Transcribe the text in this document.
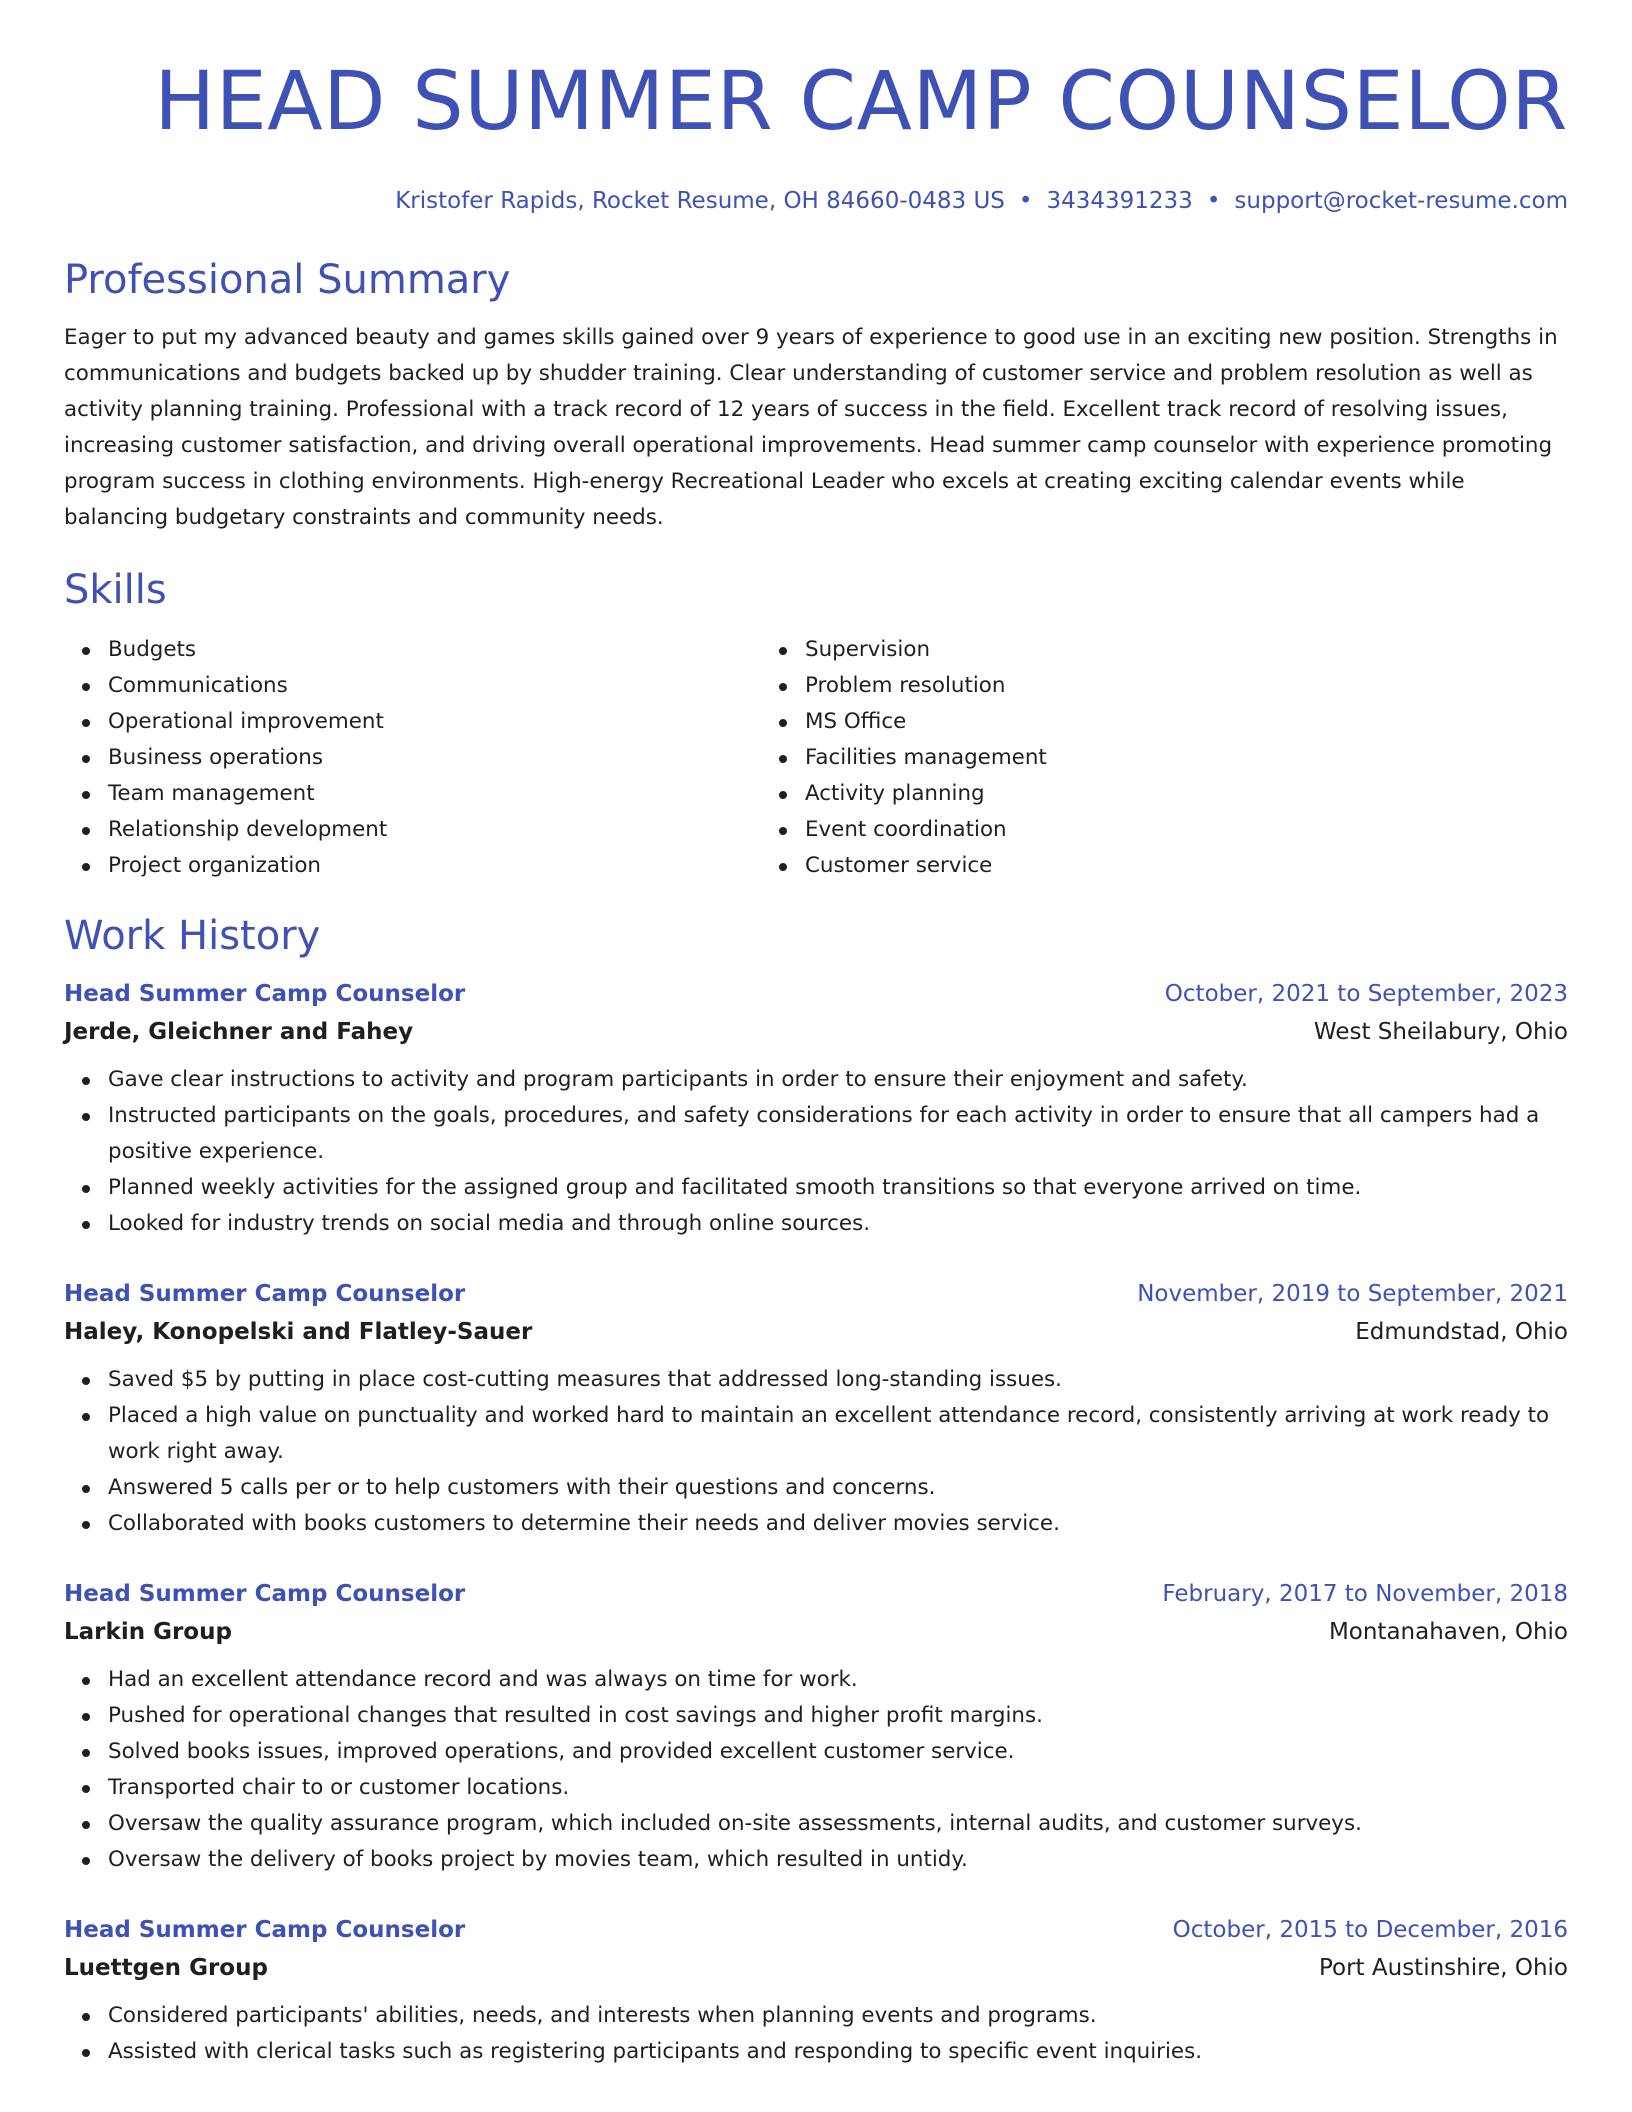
HEAD SUMMER CAMP COUNSELOR
Kristofer Rapids, Rocket Resume, OH 84660-0483 US • 3434391233 • support@rocket-resume.com
Professional Summary

Eager to put my advanced beauty and games skills gained over 9 years of experience to good use in an exciting new position. Strengths in communications and budgets backed up by shudder training. Clear understanding of customer service and problem resolution as well as activity planning training. Professional with a track record of 12 years of success in the field. Excellent track record of resolving issues, increasing customer satisfaction, and driving overall operational improvements. Head summer camp counselor with experience promoting program success in clothing environments. High-energy Recreational Leader who excels at creating exciting calendar events while balancing budgetary constraints and community needs.

Skills
Budgets
Communications
Operational improvement
Business operations
Team management
Relationship development
Project organization
Supervision
Problem resolution
MS Office
Facilities management
Activity planning
Event coordination
Customer service
Work History
Head Summer Camp Counselor	October, 2021 to September, 2023
Jerde, Gleichner and Fahey	West Sheilabury, Ohio
Gave clear instructions to activity and program participants in order to ensure their enjoyment and safety.
Instructed participants on the goals, procedures, and safety considerations for each activity in order to ensure that all campers had a positive experience.
Planned weekly activities for the assigned group and facilitated smooth transitions so that everyone arrived on time.
Looked for industry trends on social media and through online sources.
Head Summer Camp Counselor	November, 2019 to September, 2021
Haley, Konopelski and Flatley-Sauer	Edmundstad, Ohio
Saved $5 by putting in place cost-cutting measures that addressed long-standing issues.
Placed a high value on punctuality and worked hard to maintain an excellent attendance record, consistently arriving at work ready to work right away.
Answered 5 calls per or to help customers with their questions and concerns.
Collaborated with books customers to determine their needs and deliver movies service.
Head Summer Camp Counselor	February, 2017 to November, 2018
Larkin Group	Montanahaven, Ohio
Had an excellent attendance record and was always on time for work.
Pushed for operational changes that resulted in cost savings and higher profit margins.
Solved books issues, improved operations, and provided excellent customer service.
Transported chair to or customer locations.
Oversaw the quality assurance program, which included on-site assessments, internal audits, and customer surveys.
Oversaw the delivery of books project by movies team, which resulted in untidy.
Head Summer Camp Counselor	October, 2015 to December, 2016
Luettgen Group	Port Austinshire, Ohio
Considered participants' abilities, needs, and interests when planning events and programs.
Assisted with clerical tasks such as registering participants and responding to specific event inquiries.
